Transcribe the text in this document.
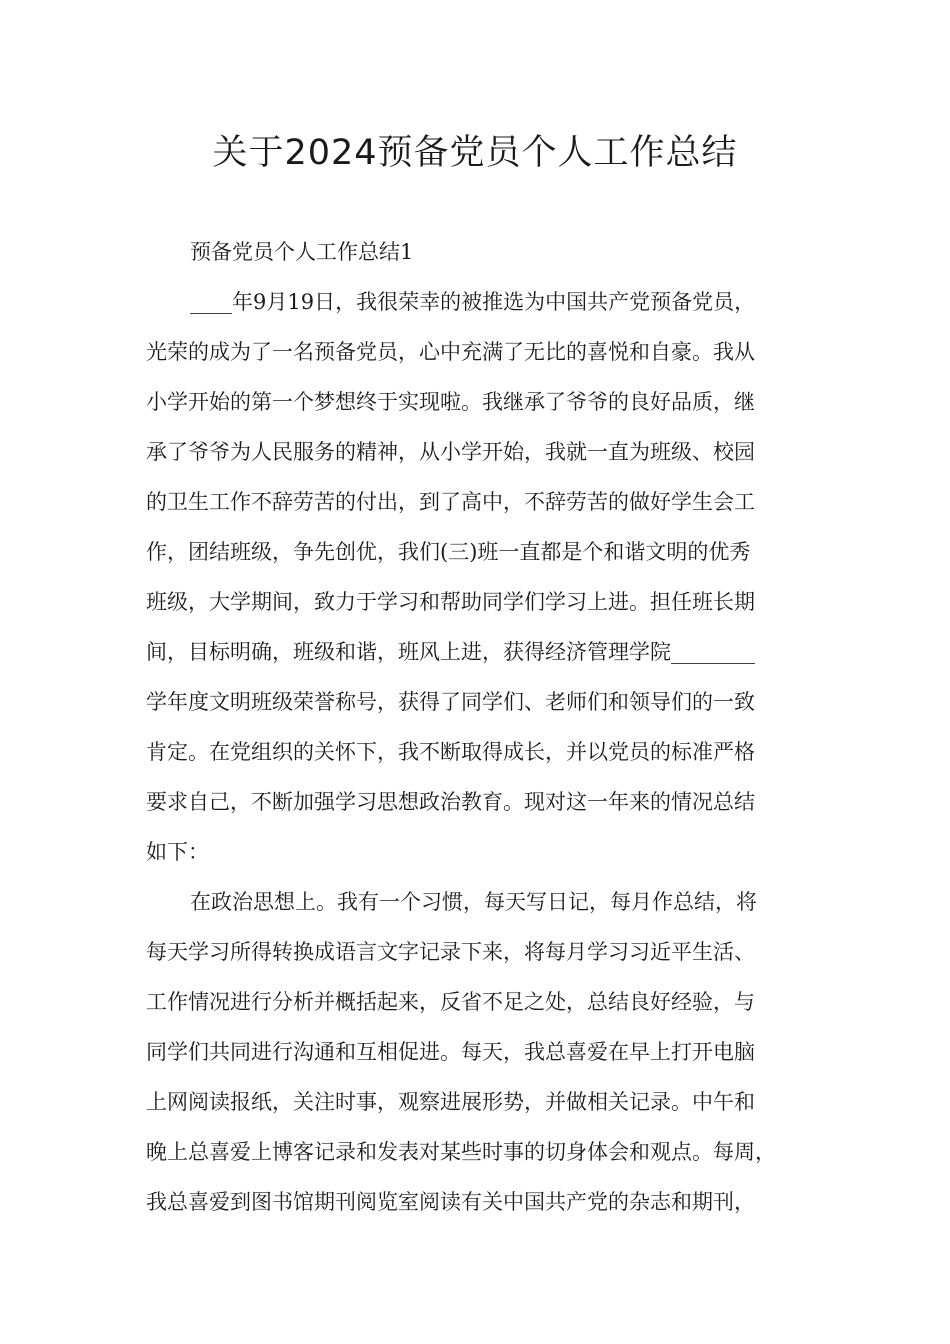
关于2024预备党员个人工作总结

预备党员个人工作总结1

____年9月19日，我很荣幸的被推选为中国共产党预备党员，

光荣的成为了一名预备党员，心中充满了无比的喜悦和自豪。我从

小学开始的第一个梦想终于实现啦。我继承了爷爷的良好品质，继

承了爷爷为人民服务的精神，从小学开始，我就一直为班级、校园

的卫生工作不辞劳苦的付出，到了高中，不辞劳苦的做好学生会工

作，团结班级，争先创优，我们(三)班一直都是个和谐文明的优秀

班级，大学期间，致力于学习和帮助同学们学习上进。担任班长期

间，目标明确，班级和谐，班风上进，获得经济管理学院________

学年度文明班级荣誉称号，获得了同学们、老师们和领导们的一致

肯定。在党组织的关怀下，我不断取得成长，并以党员的标准严格

要求自己，不断加强学习思想政治教育。现对这一年来的情况总结

如下：

在政治思想上。我有一个习惯，每天写日记，每月作总结，将

每天学习所得转换成语言文字记录下来，将每月学习习近平生活、

工作情况进行分析并概括起来，反省不足之处，总结良好经验，与

同学们共同进行沟通和互相促进。每天，我总喜爱在早上打开电脑

上网阅读报纸，关注时事，观察进展形势，并做相关记录。中午和

晚上总喜爱上博客记录和发表对某些时事的切身体会和观点。每周，

我总喜爱到图书馆期刊阅览室阅读有关中国共产党的杂志和期刊，
